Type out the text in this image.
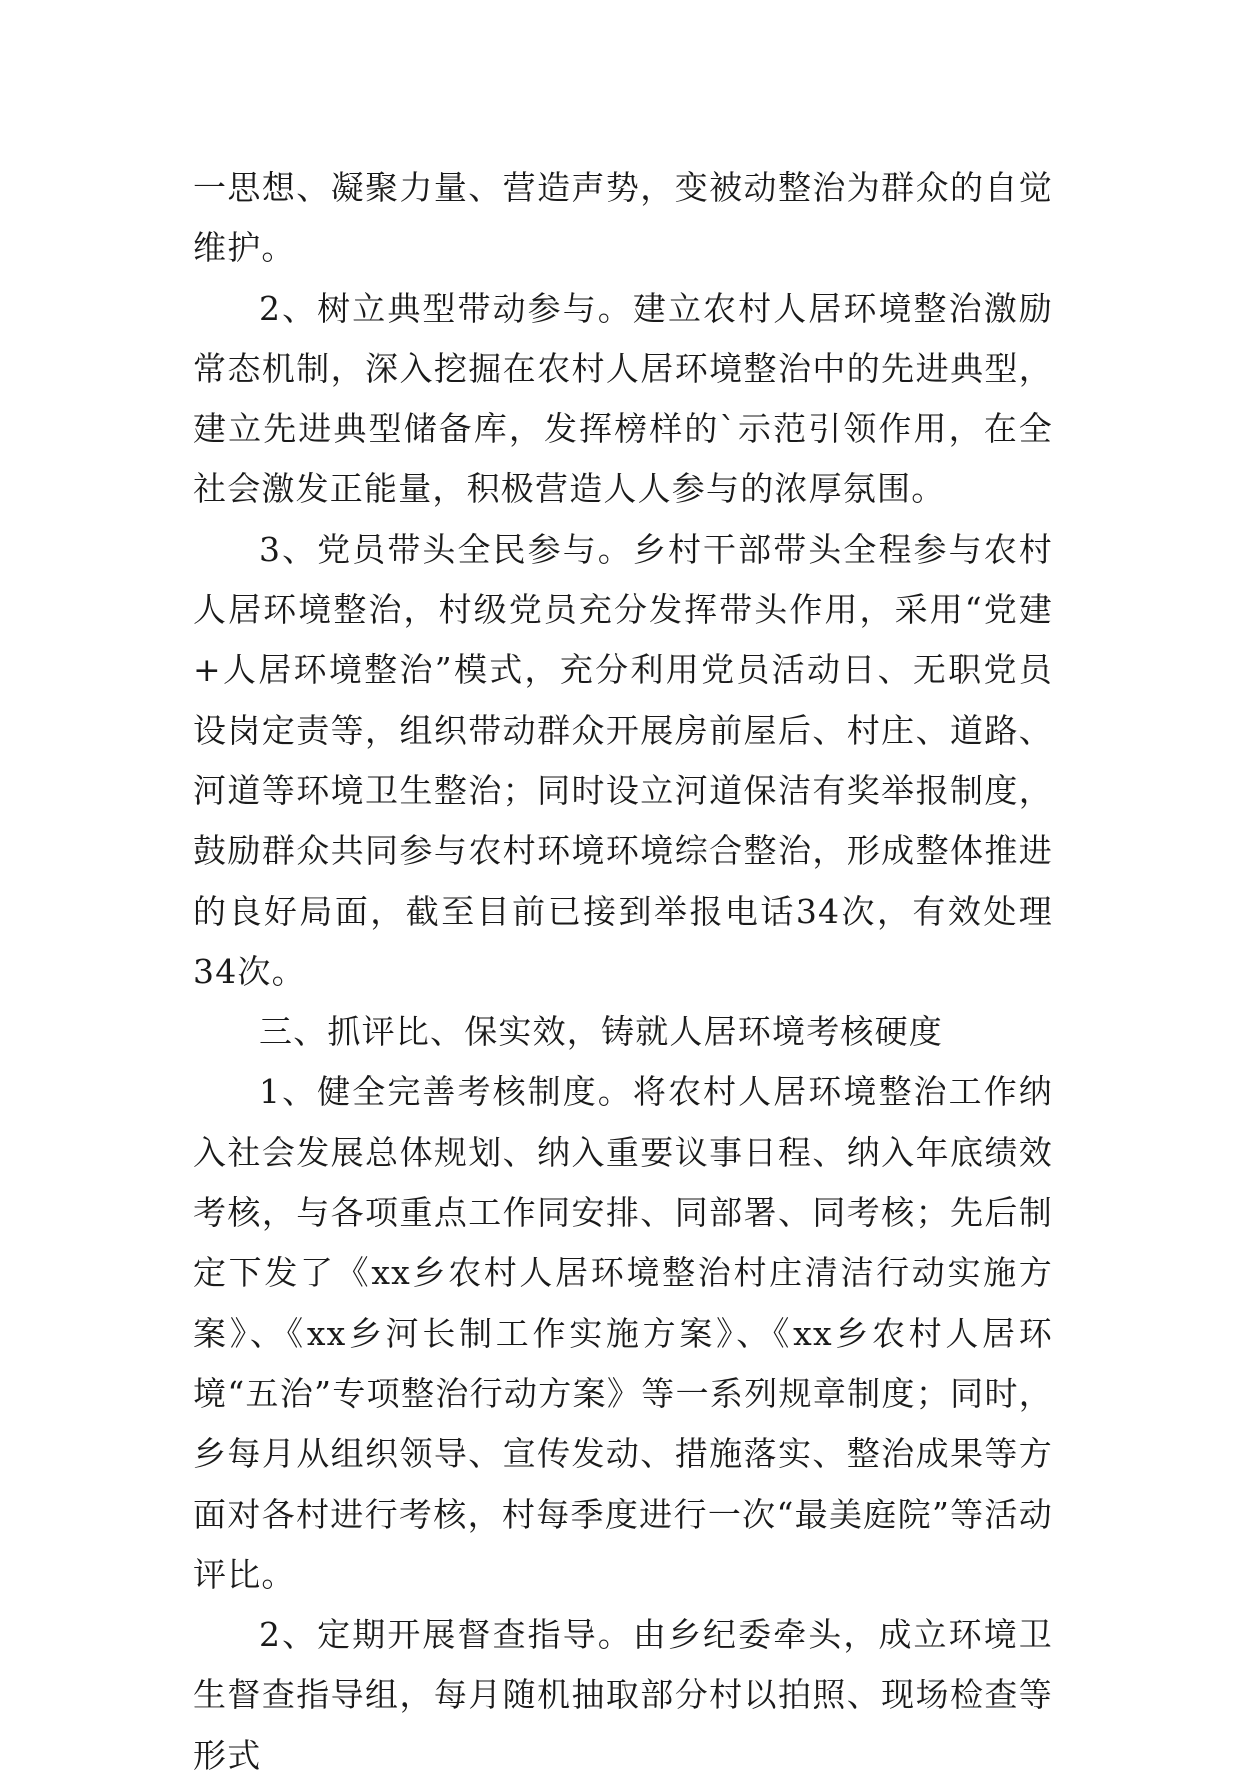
一思想、凝聚力量、营造声势，变被动整治为群众的自觉维护。

2、树立典型带动参与。建立农村人居环境整治激励常态机制，深入挖掘在农村人居环境整治中的先进典型，建立先进典型储备库，发挥榜样的`示范引领作用，在全社会激发正能量，积极营造人人参与的浓厚氛围。

3、党员带头全民参与。乡村干部带头全程参与农村人居环境整治，村级党员充分发挥带头作用，采用“党建+人居环境整治”模式，充分利用党员活动日、无职党员设岗定责等，组织带动群众开展房前屋后、村庄、道路、河道等环境卫生整治；同时设立河道保洁有奖举报制度，鼓励群众共同参与农村环境环境综合整治，形成整体推进的良好局面，截至目前已接到举报电话34次，有效处理34次。

三、抓评比、保实效，铸就人居环境考核硬度

1、健全完善考核制度。将农村人居环境整治工作纳入社会发展总体规划、纳入重要议事日程、纳入年底绩效考核，与各项重点工作同安排、同部署、同考核；先后制定下发了《xx乡农村人居环境整治村庄清洁行动实施方案》、《xx乡河长制工作实施方案》、《xx乡农村人居环境“五治”专项整治行动方案》等一系列规章制度；同时，乡每月从组织领导、宣传发动、措施落实、整治成果等方面对各村进行考核，村每季度进行一次“最美庭院”等活动评比。

2、定期开展督查指导。由乡纪委牵头，成立环境卫生督查指导组，每月随机抽取部分村以拍照、现场检查等形式
